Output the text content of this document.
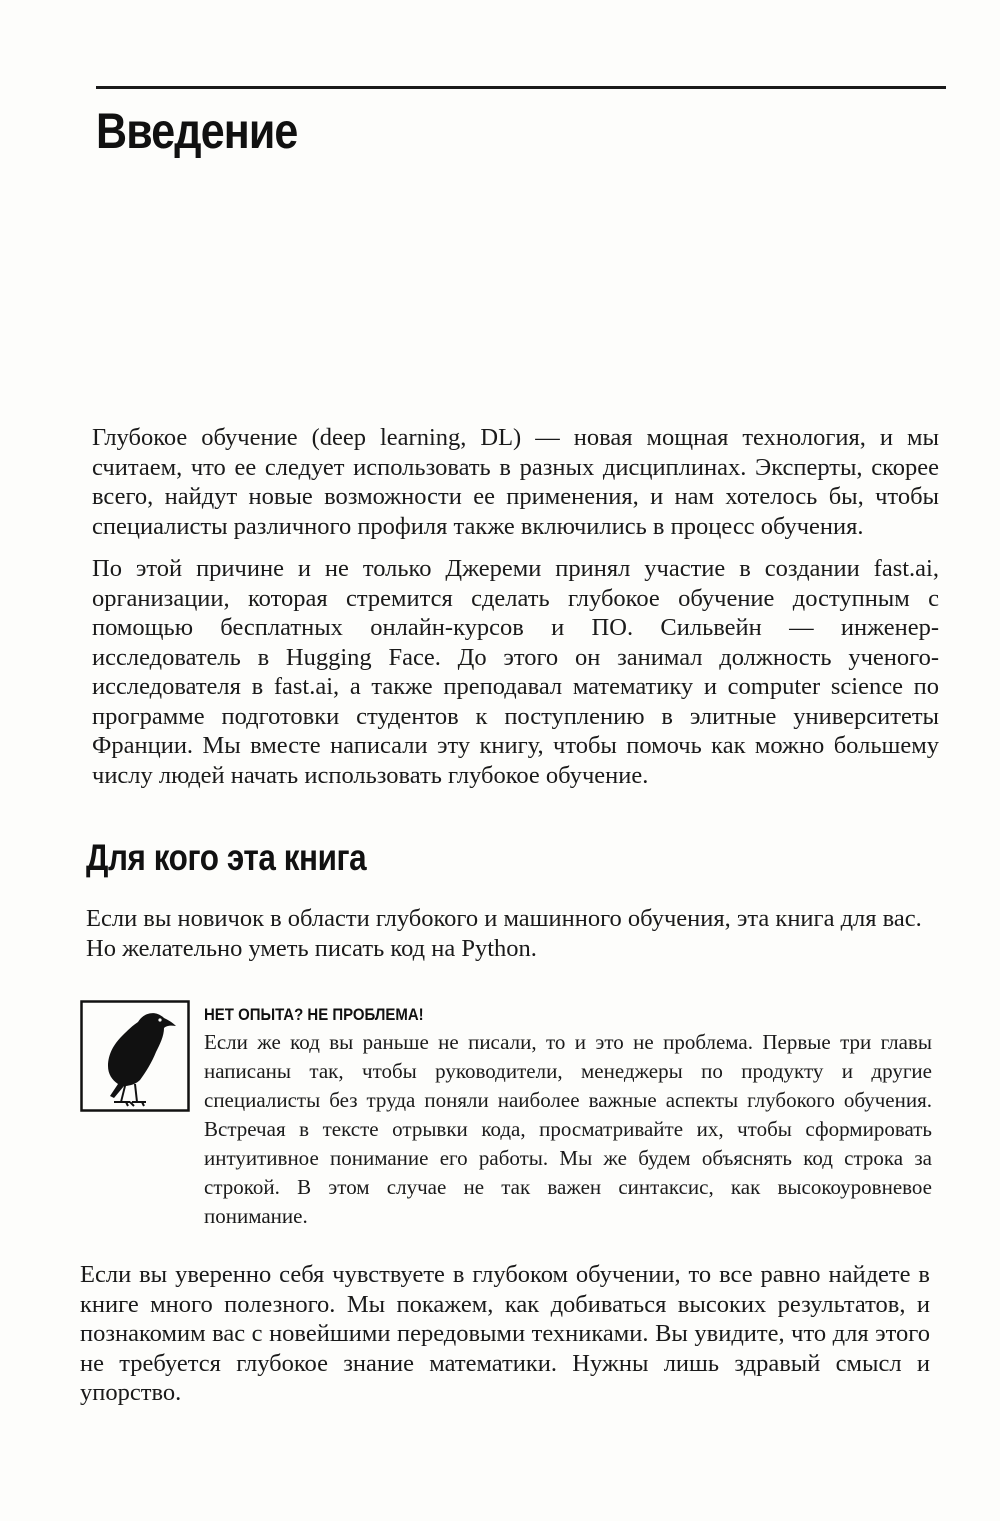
Введение

Глубокое обучение (deep learning, DL) — новая мощная технология, и мы считаем, что ее следует использовать в разных дисциплинах. Эксперты, скорее всего, найдут новые возможности ее применения, и нам хотелось бы, чтобы специалисты различного профиля также включились в процесс обучения.

По этой причине и не только Джереми принял участие в создании fast.ai, организации, которая стремится сделать глубокое обучение доступным с помощью бесплатных онлайн-курсов и ПО. Сильвейн — инженер-исследователь в Hugging Face. До этого он занимал должность ученого-исследователя в fast.ai, а также преподавал математику и computer science по программе подготовки студентов к поступлению в элитные университеты Франции. Мы вместе написали эту книгу, чтобы помочь как можно большему числу людей начать использовать глубокое обучение.

Для кого эта книга

Если вы новичок в области глубокого и машинного обучения, эта книга для вас. Но желательно уметь писать код на Python.

НЕТ ОПЫТА? НЕ ПРОБЛЕМА!

Если же код вы раньше не писали, то и это не проблема. Первые три главы написаны так, чтобы руководители, менеджеры по продукту и другие специалисты без труда поняли наиболее важные аспекты глубокого обучения. Встречая в тексте отрывки кода, просматривайте их, чтобы сформировать интуитивное понимание его работы. Мы же будем объяснять код строка за строкой. В этом случае не так важен синтаксис, как высокоуровневое понимание.

Если вы уверенно себя чувствуете в глубоком обучении, то все равно найдете в книге много полезного. Мы покажем, как добиваться высоких результатов, и познакомим вас с новейшими передовыми техниками. Вы увидите, что для этого не требуется глубокое знание математики. Нужны лишь здравый смысл и упорство.
